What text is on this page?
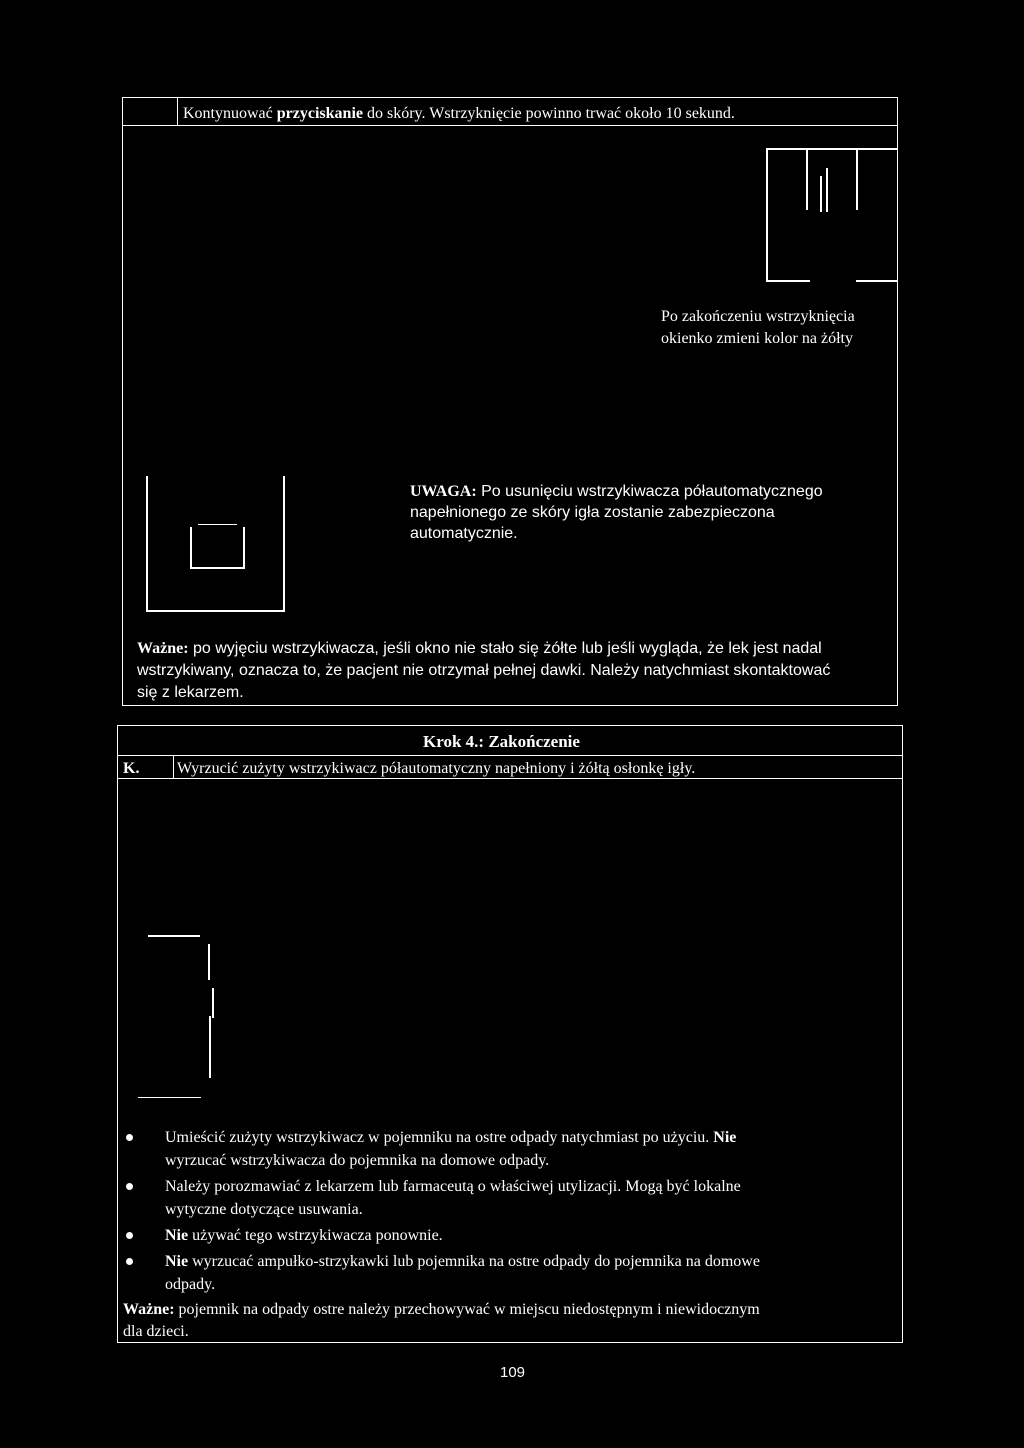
Kontynuować przyciskanie do skóry. Wstrzyknięcie powinno trwać około 10 sekund.
Po zakończeniu wstrzyknięcia
okienko zmieni kolor na żółty
UWAGA: Po usunięciu wstrzykiwacza półautomatycznego
napełnionego ze skóry igła zostanie zabezpieczona
automatycznie.
Ważne: po wyjęciu wstrzykiwacza, jeśli okno nie stało się żółte lub jeśli wygląda, że lek jest nadal
wstrzykiwany, oznacza to, że pacjent nie otrzymał pełnej dawki. Należy natychmiast skontaktować
się z lekarzem.
Krok 4.: Zakończenie
K. Wyrzucić zużyty wstrzykiwacz półautomatyczny napełniony i żółtą osłonkę igły.
Umieścić zużyty wstrzykiwacz w pojemniku na ostre odpady natychmiast po użyciu. Nie
wyrzucać wstrzykiwacza do pojemnika na domowe odpady.
Należy porozmawiać z lekarzem lub farmaceutą o właściwej utylizacji. Mogą być lokalne
wytyczne dotyczące usuwania.
Nie używać tego wstrzykiwacza ponownie.
Nie wyrzucać ampułko-strzykawki lub pojemnika na ostre odpady do pojemnika na domowe
odpady.
Ważne: pojemnik na odpady ostre należy przechowywać w miejscu niedostępnym i niewidocznym
dla dzieci.
109
